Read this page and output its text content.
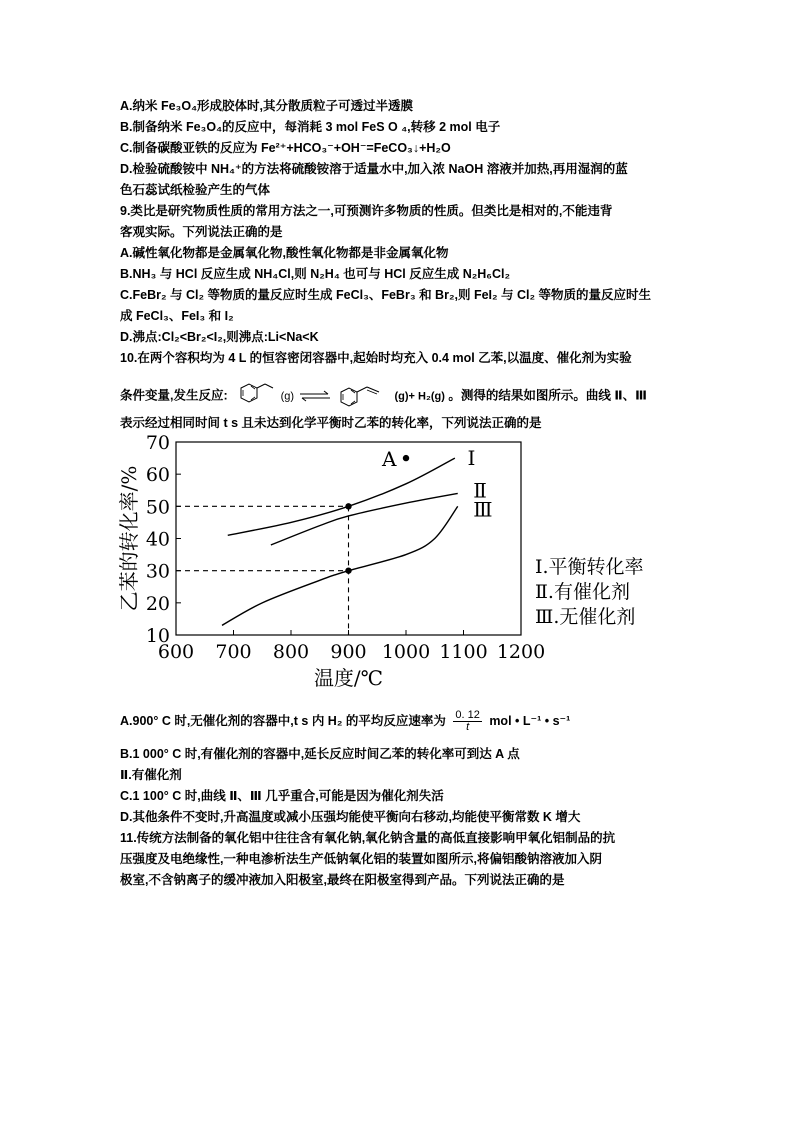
A.纳米 Fe₃O₄形成胶体时,其分散质粒子可透过半透膜
B.制备纳米 Fe₃O₄的反应中，每消耗 3 mol FeS O ₄,转移 2 mol 电子
C.制备碳酸亚铁的反应为 Fe²⁺+HCO₃⁻+OH⁻=FeCO₃↓+H₂O
D.检验硫酸铵中 NH₄⁺的方法将硫酸铵溶于适量水中,加入浓 NaOH 溶液并加热,再用湿润的蓝
色石蕊试纸检验产生的气体
9.类比是研究物质性质的常用方法之一,可预测许多物质的性质。但类比是相对的,不能违背
客观实际。下列说法正确的是
A.碱性氧化物都是金属氧化物,酸性氧化物都是非金属氧化物
B.NH₃ 与 HCl 反应生成 NH₄Cl,则 N₂H₄ 也可与 HCl 反应生成 N₂H₆Cl₂
C.FeBr₂ 与 Cl₂ 等物质的量反应时生成 FeCl₃、FeBr₃ 和 Br₂,则 FeI₂ 与 Cl₂ 等物质的量反应时生
成 FeCl₃、FeI₃ 和 I₂
D.沸点:Cl₂<Br₂<I₂,则沸点:Li<Na<K
10.在两个容积均为 4 L 的恒容密闭容器中,起始时均充入 0.4 mol 乙苯,以温度、催化剂为实验
条件变量,发生反应:	(g) ⇌	(g)+ H₂(g) 。测得的结果如图所示。曲线 Ⅱ、Ⅲ
表示经过相同时间 t s 且未达到化学平衡时乙苯的转化率，下列说法正确的是
10
20
30
40
50
60
70
600 700 800 900 1000 1100 1200
温度/℃
乙苯的转化率/%
Ⅰ
Ⅱ
Ⅲ
A
Ⅰ.平衡转化率
Ⅱ.有催化剂
Ⅲ.无催化剂
A.900° C 时,无催化剂的容器中,t s 内 H₂ 的平均反应速率为 $\frac{0. 12}{t}$ mol • L⁻¹ • s⁻¹
B.1 000° C 时,有催化剂的容器中,延长反应时间乙苯的转化率可到达 A 点
Ⅱ.有催化剂
C.1 100° C 时,曲线 Ⅱ、Ⅲ 几乎重合,可能是因为催化剂失活
D.其他条件不变时,升高温度或减小压强均能使平衡向右移动,均能使平衡常数 K 增大
11.传统方法制备的氧化铝中往往含有氧化钠,氧化钠含量的高低直接影响甲氧化铝制品的抗
压强度及电绝缘性,一种电渗析法生产低钠氧化铝的装置如图所示,将偏铝酸钠溶液加入阴
极室,不含钠离子的缓冲液加入阳极室,最终在阳极室得到产品。下列说法正确的是
